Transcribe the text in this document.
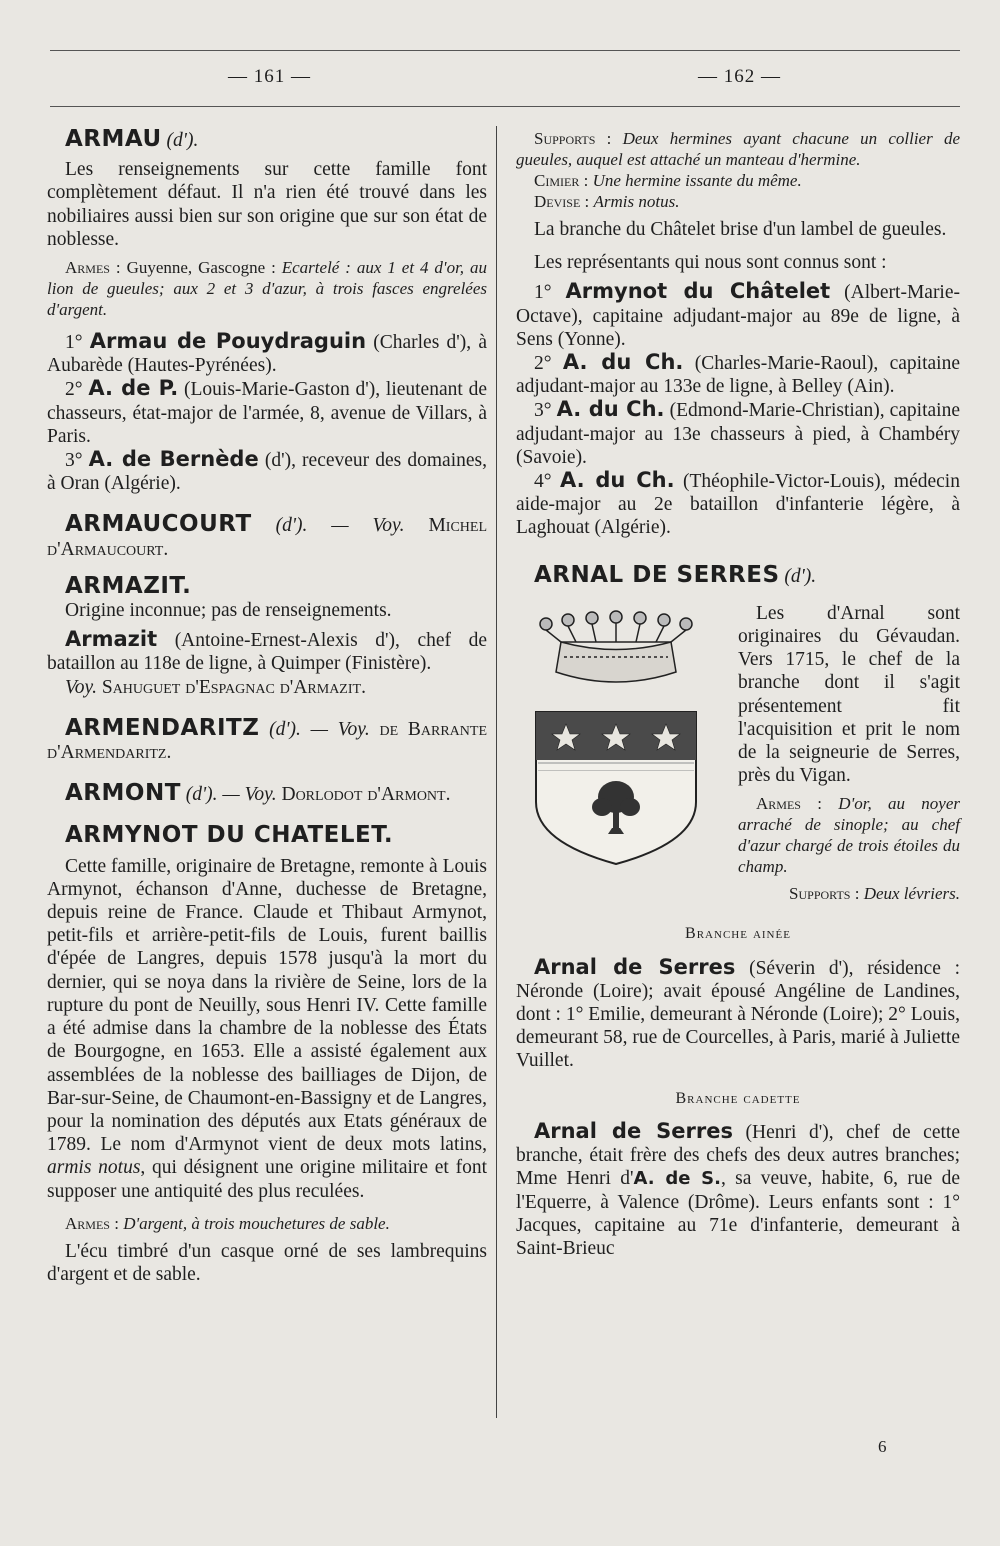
— 161 —	— 162 —

ARMAU (d').

Les renseignements sur cette famille font complètement défaut. Il n'a rien été trouvé dans les nobiliaires aussi bien sur son origine que sur son état de noblesse.

Armes : Guyenne, Gascogne : Ecartelé : aux 1 et 4 d'or, au lion de gueules; aux 2 et 3 d'azur, à trois fasces engrelées d'argent.

1° Armau de Pouydraguin (Charles d'), à Aubarède (Hautes-Pyrénées).

2° A. de P. (Louis-Marie-Gaston d'), lieutenant de chasseurs, état-major de l'armée, 8, avenue de Villars, à Paris.

3° A. de Bernède (d'), receveur des domaines, à Oran (Algérie).

ARMAUCOURT (d'). — Voy. Michel d'Armaucourt.

ARMAZIT.

Origine inconnue; pas de renseignements.

Armazit (Antoine-Ernest-Alexis d'), chef de bataillon au 118e de ligne, à Quimper (Finistère).

Voy. Sahuguet d'Espagnac d'Armazit.

ARMENDARITZ (d'). — Voy. de Barrante d'Armendaritz.

ARMONT (d'). — Voy. Dorlodot d'Armont.

ARMYNOT DU CHATELET.

Cette famille, originaire de Bretagne, remonte à Louis Armynot, échanson d'Anne, duchesse de Bretagne, depuis reine de France. Claude et Thibaut Armynot, petit-fils et arrière-petit-fils de Louis, furent baillis d'épée de Langres, depuis 1578 jusqu'à la mort du dernier, qui se noya dans la rivière de Seine, lors de la rupture du pont de Neuilly, sous Henri IV. Cette famille a été admise dans la chambre de la noblesse des États de Bourgogne, en 1653. Elle a assisté également aux assemblées de la noblesse des bailliages de Dijon, de Bar-sur-Seine, de Chaumont-en-Bassigny et de Langres, pour la nomination des députés aux Etats généraux de 1789. Le nom d'Armynot vient de deux mots latins, armis notus, qui désignent une origine militaire et font supposer une antiquité des plus reculées.

Armes : D'argent, à trois mouchetures de sable.

L'écu timbré d'un casque orné de ses lambrequins d'argent et de sable.

Supports : Deux hermines ayant chacune un collier de gueules, auquel est attaché un manteau d'hermine.

Cimier : Une hermine issante du même.

Devise : Armis notus.

La branche du Châtelet brise d'un lambel de gueules.

Les représentants qui nous sont connus sont :

1° Armynot du Châtelet (Albert-Marie-Octave), capitaine adjudant-major au 89e de ligne, à Sens (Yonne).

2° A. du Ch. (Charles-Marie-Raoul), capitaine adjudant-major au 133e de ligne, à Belley (Ain).

3° A. du Ch. (Edmond-Marie-Christian), capitaine adjudant-major au 13e chasseurs à pied, à Chambéry (Savoie).

4° A. du Ch. (Théophile-Victor-Louis), médecin aide-major au 2e bataillon d'infanterie légère, à Laghouat (Algérie).

ARNAL DE SERRES (d').

Les d'Arnal sont originaires du Gévaudan. Vers 1715, le chef de la branche dont il s'agit présentement fit l'acquisition et prit le nom de la seigneurie de Serres, près du Vigan.

Armes : D'or, au noyer arraché de sinople; au chef d'azur chargé de trois étoiles du champ.

Supports : Deux lévriers.

Branche ainée

Arnal de Serres (Séverin d'), résidence : Néronde (Loire); avait épousé Angéline de Landines, dont : 1° Emilie, demeurant à Néronde (Loire); 2° Louis, demeurant 58, rue de Courcelles, à Paris, marié à Juliette Vuillet.

Branche cadette

Arnal de Serres (Henri d'), chef de cette branche, était frère des chefs des deux autres branches; Mme Henri d'A. de S., sa veuve, habite, 6, rue de l'Equerre, à Valence (Drôme). Leurs enfants sont : 1° Jacques, capitaine au 71e d'infanterie, demeurant à Saint-Brieuc

6
